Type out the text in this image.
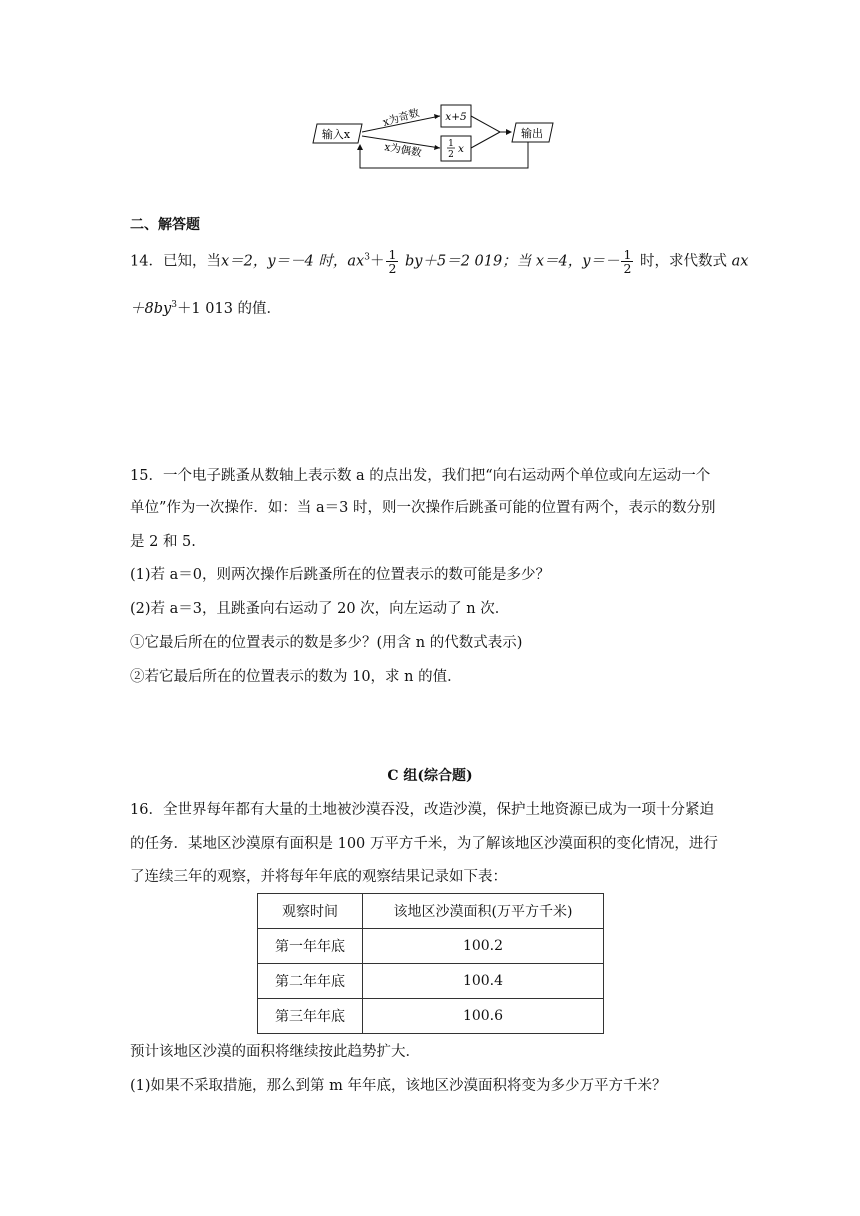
输入x
x为奇数
x为偶数
x+5
1
2 x
输出
二、解答题
14．已知，当x＝2，y＝－4 时，$ax^3+ \frac{1}{2} by+5=2$ 019；当 x＝4，$y=- \frac{1}{2}$ 时，求代数式 ax
$+8by^3+1$ 013 的值．
15．一个电子跳蚤从数轴上表示数 a 的点出发，我们把“向右运动两个单位或向左运动一个
单位”作为一次操作．如：当 a＝3 时，则一次操作后跳蚤可能的位置有两个，表示的数分别
是 2 和 5.
(1)若 a＝0，则两次操作后跳蚤所在的位置表示的数可能是多少？
(2)若 a＝3，且跳蚤向右运动了 20 次，向左运动了 n 次．
①它最后所在的位置表示的数是多少？(用含 n 的代数式表示)
②若它最后所在的位置表示的数为 10，求 n 的值．
C 组(综合题)
16．全世界每年都有大量的土地被沙漠吞没，改造沙漠，保护土地资源已成为一项十分紧迫
的任务．某地区沙漠原有面积是 100 万平方千米，为了解该地区沙漠面积的变化情况，进行
了连续三年的观察，并将每年年底的观察结果记录如下表：
观察时间	该地区沙漠面积(万平方千米)
第一年年底	100.2
第二年年底	100.4
第三年年底	100.6
预计该地区沙漠的面积将继续按此趋势扩大．
(1)如果不采取措施，那么到第 m 年年底，该地区沙漠面积将变为多少万平方千米？
